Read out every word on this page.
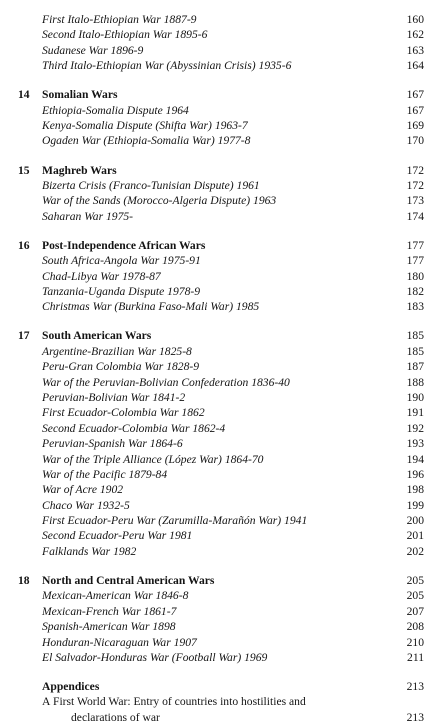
First Italo-Ethiopian War 1887-9	160
Second Italo-Ethiopian War 1895-6	162
Sudanese War 1896-9	163
Third Italo-Ethiopian War (Abyssinian Crisis) 1935-6	164
14 Somalian Wars	167
Ethiopia-Somalia Dispute 1964	167
Kenya-Somalia Dispute (Shifta War) 1963-7	169
Ogaden War (Ethiopia-Somalia War) 1977-8	170
15 Maghreb Wars	172
Bizerta Crisis (Franco-Tunisian Dispute) 1961	172
War of the Sands (Morocco-Algeria Dispute) 1963	173
Saharan War 1975-	174
16 Post-Independence African Wars	177
South Africa-Angola War 1975-91	177
Chad-Libya War 1978-87	180
Tanzania-Uganda Dispute 1978-9	182
Christmas War (Burkina Faso-Mali War) 1985	183
17 South American Wars	185
Argentine-Brazilian War 1825-8	185
Peru-Gran Colombia War 1828-9	187
War of the Peruvian-Bolivian Confederation 1836-40	188
Peruvian-Bolivian War 1841-2	190
First Ecuador-Colombia War 1862	191
Second Ecuador-Colombia War 1862-4	192
Peruvian-Spanish War 1864-6	193
War of the Triple Alliance (López War) 1864-70	194
War of the Pacific 1879-84	196
War of Acre 1902	198
Chaco War 1932-5	199
First Ecuador-Peru War (Zarumilla-Marañón War) 1941	200
Second Ecuador-Peru War 1981	201
Falklands War 1982	202
18 North and Central American Wars	205
Mexican-American War 1846-8	205
Mexican-French War 1861-7	207
Spanish-American War 1898	208
Honduran-Nicaraguan War 1907	210
El Salvador-Honduras War (Football War) 1969	211
Appendices	213
A First World War: Entry of countries into hostilities and
declarations of war	213
